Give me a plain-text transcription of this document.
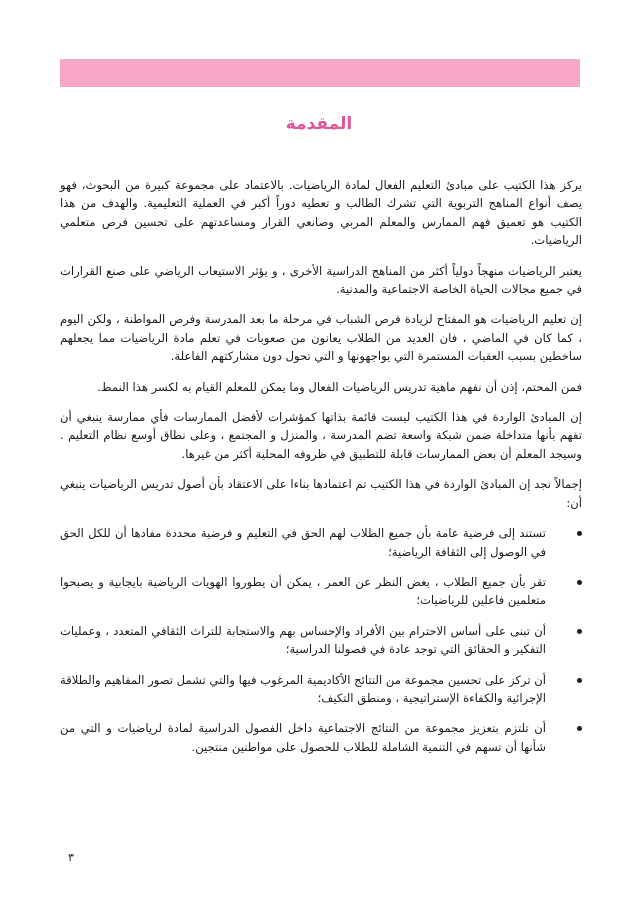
المقدمة

يركز هذا الكتيب على مبادئ التعليم الفعال لمادة الرياضيات. بالاعتماد على مجموعة كبيرة من البحوث، فهو يصف أنواع المناهج التربوية التي تشرك الطالب و تعطيه دوراً أكبر في العملية التعليمية. والهدف من هذا الكتيب هو تعميق فهم الممارس والمعلم المربي وصانعي القرار ومساعدتهم على تحسين فرص متعلمي الرياضيات.

يعتبر الرياضيات منهجاً دولياً أكثر من المناهج الدراسية الأخرى ، و يؤثر الاستيعاب الرياضي على صنع القرارات في جميع مجالات الحياة الخاصة الاجتماعية والمدنية.

إن تعليم الرياضيات هو المفتاح لزيادة فرص الشباب في مرحلة ما بعد المدرسة وفرص المواطنة ، ولكن اليوم ، كما كان في الماضي ، فان العديد من الطلاب يعانون من صعوبات في تعلم مادة الرياضيات مما يجعلهم ساخطين بسبب العقبات المستمرة التي يواجهونها و التي تحول دون مشاركتهم الفاعلة.

فمن المحتم، إذن أن نفهم ماهية تدريس الرياضيات الفعال وما يمكن للمعلم القيام به لكسر هذا النمط.

إن المبادئ الواردة في هذا الكتيب ليست قائمة بذاتها كمؤشرات لأفضل الممارسات فأي ممارسة ينبغي أن تفهم بأنها متداخلة ضمن شبكة واسعة تضم المدرسة ، والمنزل و المجتمع ، وعلى نطاق أوسع نظام التعليم . وسيجد المعلم أن بعض الممارسات قابلة للتطبيق في ظروفه المحلية أكثر من غيرها.

إجمالاً نجد إن المبادئ الواردة في هذا الكتيب تم اعتمادها بناءا على الاعتقاد بأن أصول تدريس الرياضيات ينبغي أن:

تستند إلى فرضية عامة بأن جميع الطلاب لهم الحق في التعليم و فرضية محددة مفادها أن للكل الحق في الوصول إلى الثقافة الرياضية؛
تقر بأن جميع الطلاب ، بغض النظر عن العمر ، يمكن أن يطوروا الهويات الرياضية بايجابية و يصبحوا متعلمين فاعلين للرياضيات؛
أن تبنى على أساس الاحترام بين الأفراد والإحساس بهم والاستجابة للتراث الثقافي المتعدد ، وعمليات التفكير و الحقائق التي توجد عادة في فصولنا الدراسية؛
أن تركز على تحسين مجموعة من النتائج الأكاديمية المرغوب فيها والتي تشمل تصور المفاهيم والطلاقة الإجرائية والكفاءة الإستراتيجية ، ومنطق التكيف؛
أن تلتزم بتعزيز مجموعة من النتائج الاجتماعية داخل الفصول الدراسية لمادة لرياضيات و التي من شأنها أن تسهم في التنمية الشاملة للطلاب للحصول على مواطنين منتجين.
٣
